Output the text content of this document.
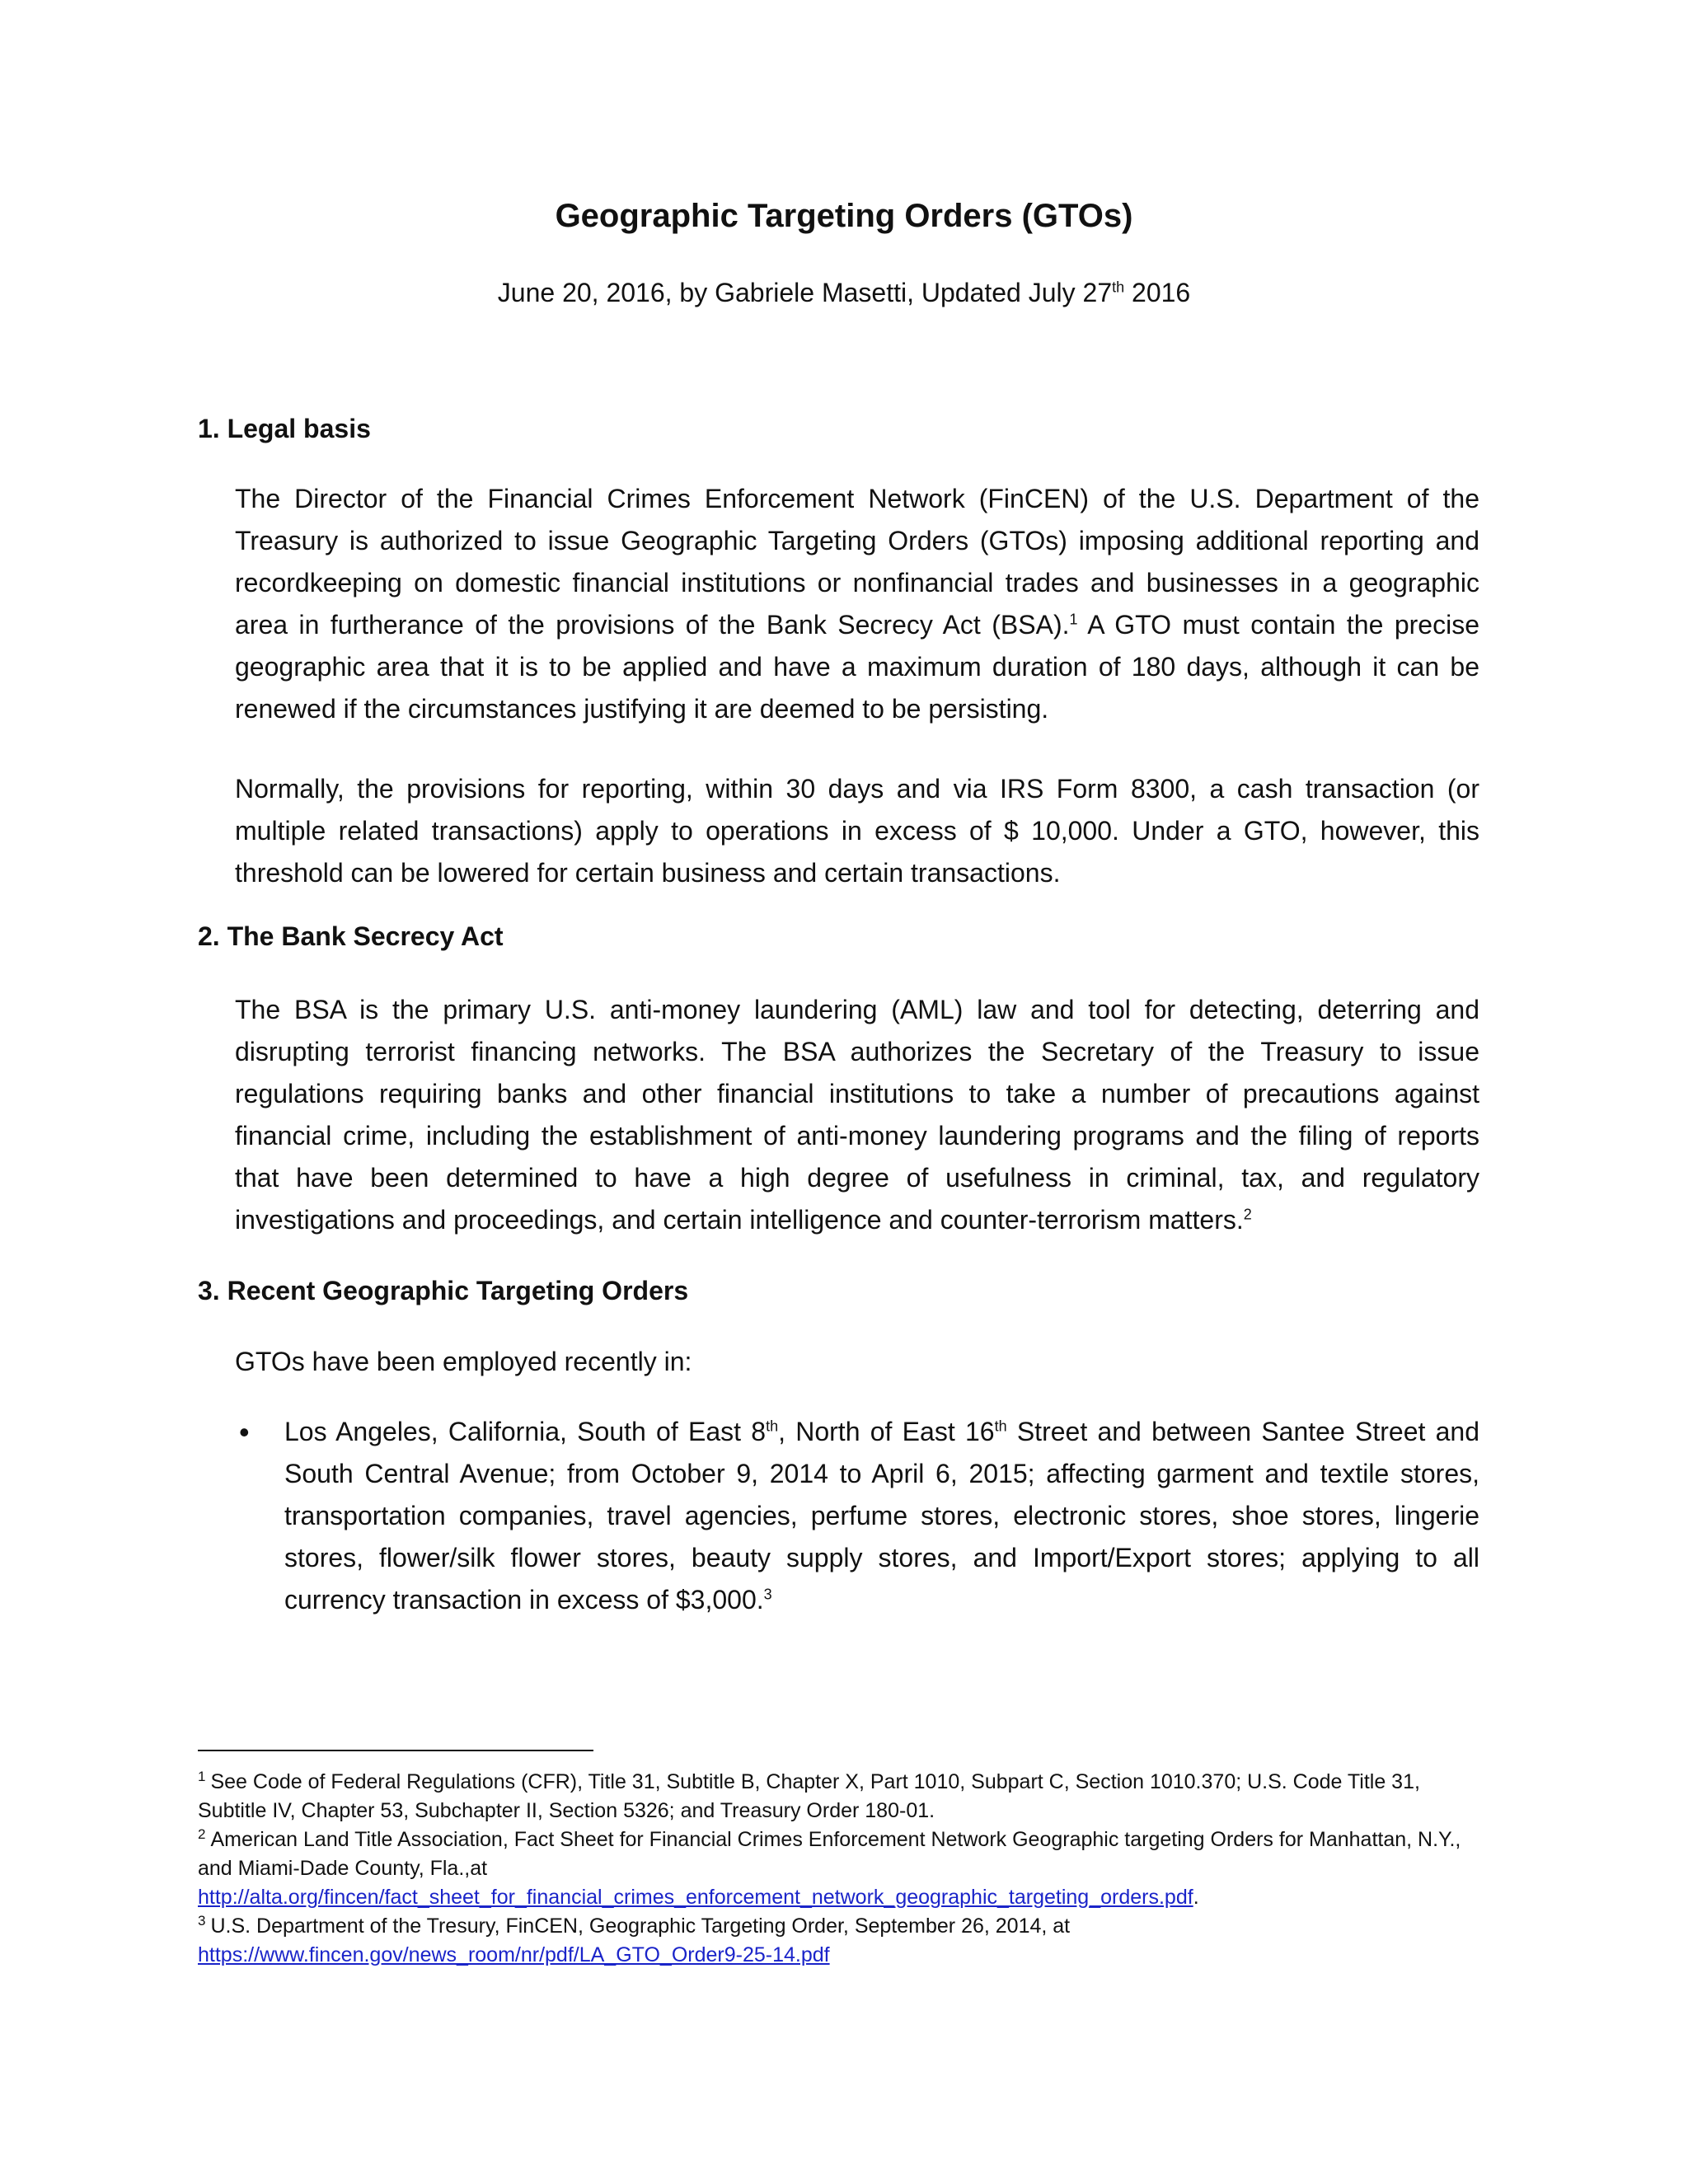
Geographic Targeting Orders (GTOs)
June 20, 2016, by Gabriele Masetti, Updated July 27th 2016
1. Legal basis
The Director of the Financial Crimes Enforcement Network (FinCEN) of the U.S. Department of the Treasury is authorized to issue Geographic Targeting Orders (GTOs) imposing additional reporting and recordkeeping on domestic financial institutions or nonfinancial trades and businesses in a geographic area in furtherance of the provisions of the Bank Secrecy Act (BSA).$^1$ A GTO must contain the precise geographic area that it is to be applied and have a maximum duration of 180 days, although it can be renewed if the circumstances justifying it are deemed to be persisting.
Normally, the provisions for reporting, within 30 days and via IRS Form 8300, a cash transaction (or multiple related transactions) apply to operations in excess of $ 10,000. Under a GTO, however, this threshold can be lowered for certain business and certain transactions.
2. The Bank Secrecy Act
The BSA is the primary U.S. anti-money laundering (AML) law and tool for detecting, deterring and disrupting terrorist financing networks. The BSA authorizes the Secretary of the Treasury to issue regulations requiring banks and other financial institutions to take a number of precautions against financial crime, including the establishment of anti-money laundering programs and the filing of reports that have been determined to have a high degree of usefulness in criminal, tax, and regulatory investigations and proceedings, and certain intelligence and counter-terrorism matters.$^2$
3. Recent Geographic Targeting Orders
GTOs have been employed recently in:
• Los Angeles, California, South of East 8th, North of East 16th Street and between Santee Street and South Central Avenue; from October 9, 2014 to April 6, 2015; affecting garment and textile stores, transportation companies, travel agencies, perfume stores, electronic stores, shoe stores, lingerie stores, flower/silk flower stores, beauty supply stores, and Import/Export stores; applying to all currency transaction in excess of $3,000.$^3$

$^1$ See Code of Federal Regulations (CFR), Title 31, Subtitle B, Chapter X, Part 1010, Subpart C, Section 1010.370; U.S. Code Title 31, Subtitle IV, Chapter 53, Subchapter II, Section 5326; and Treasury Order 180-01.

$^2$ American Land Title Association, Fact Sheet for Financial Crimes Enforcement Network Geographic targeting Orders for Manhattan, N.Y., and Miami-Dade County, Fla.,at
http://alta.org/fincen/fact_sheet_for_financial_crimes_enforcement_network_geographic_targeting_orders.pdf.

$^3$ U.S. Department of the Tresury, FinCEN, Geographic Targeting Order, September 26, 2014, at
https://www.fincen.gov/news_room/nr/pdf/LA_GTO_Order9-25-14.pdf
